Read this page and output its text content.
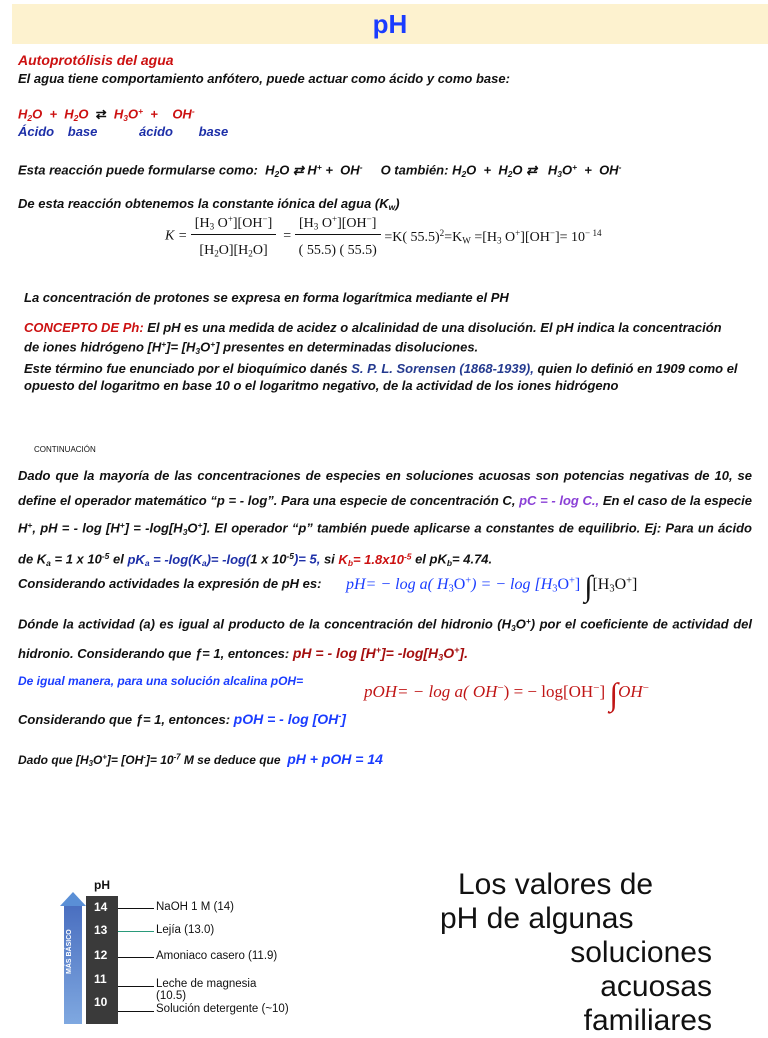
pH
Autoprotólisis del agua
El agua tiene comportamiento anfótero, puede actuar como ácido y como base:
$H_2O + H_2O$  ⇄  $H_3O^+ + OH^-$
Ácido base	ácido base
Esta reacción puede formularse como:  $H_2O$ ⇄ H+ +  OH- O también: $H_2O + H_2O$ ⇄   $H_3O^+ + OH^-$
De esta reacción obtenemos la constante iónica del agua $(K_w)$
$K = \frac{[H_3 O^+][OH^-]}{[H_2O][H_2O]} = \frac{[H_3 O^+][OH^-]}{( 55.5) ( 55.5)} =K$( $55.5)^2=K_W =[H_3$ $O^+][OH^-]= 10^{- 14}$
La concentración de protones se expresa en forma logarítmica mediante el PH
CONCEPTO DE Ph: El pH es una medida de acidez o alcalinidad de una disolución. El pH indica la concentración de iones hidrógeno $[H^+]= [H_3O^+]$ presentes en determinadas disoluciones.
Este término fue enunciado por el bioquímico danés S. P. L. Sorensen (1868-1939), quien lo definió en 1909 como el opuesto del logaritmo en base 10 o el logaritmo negativo, de la actividad de los iones hidrógeno
CONTINUACIÓN
Dado que la mayoría de las concentraciones de especies en soluciones acuosas son potencias negativas de 10, se define el operador matemático “p = - log”. Para una especie de concentración C, pC = - log C., En el caso de la especie H+, pH = - $\log [H^+] = -\log[H_3O^+]$. El operador “p” también puede aplicarse a constantes de equilibrio. Ej: Para un ácido de $K_a = 1$ x $10^{-5}$ el $pK_a = -\log(K_a)= -\log(1$ x $10^{-5})= 5$, si $K_b= 1.8x10^{-5}$ el $pK_b= 4.74$.
Considerando actividades la expresión de pH es: pH= − log a( $H_3O^+$) = − $\log [H_3O^+]$ $\int[H_3O^+]$
Dónde la actividad (a) es igual al producto de la concentración del hidronio $(H_3O^+)$ por el coeficiente de actividad del hidronio. Considerando que ƒ= 1, entonces: pH = - $\log [H^+]= -\log[H_3O^+]$.
De igual manera, para una solución alcalina pOH=
pOH= − log a( OH−) = − log[OH−] ∫OH−
Considerando que ƒ= 1, entonces: pOH = - log [OH-]
Dado que $[H_3O^+]= [OH^-]= 10^{-7}$ M se deduce que pH + pOH = 14
pH
MÁS BÁSICO
14
13
12
11
10
NaOH 1 M (14)
Lejía (13.0)
Amoniaco casero (11.9)
Leche de magnesia
(10.5)
Solución detergente (~10)
Los valores de
pH de algunas
soluciones
acuosas
familiares
